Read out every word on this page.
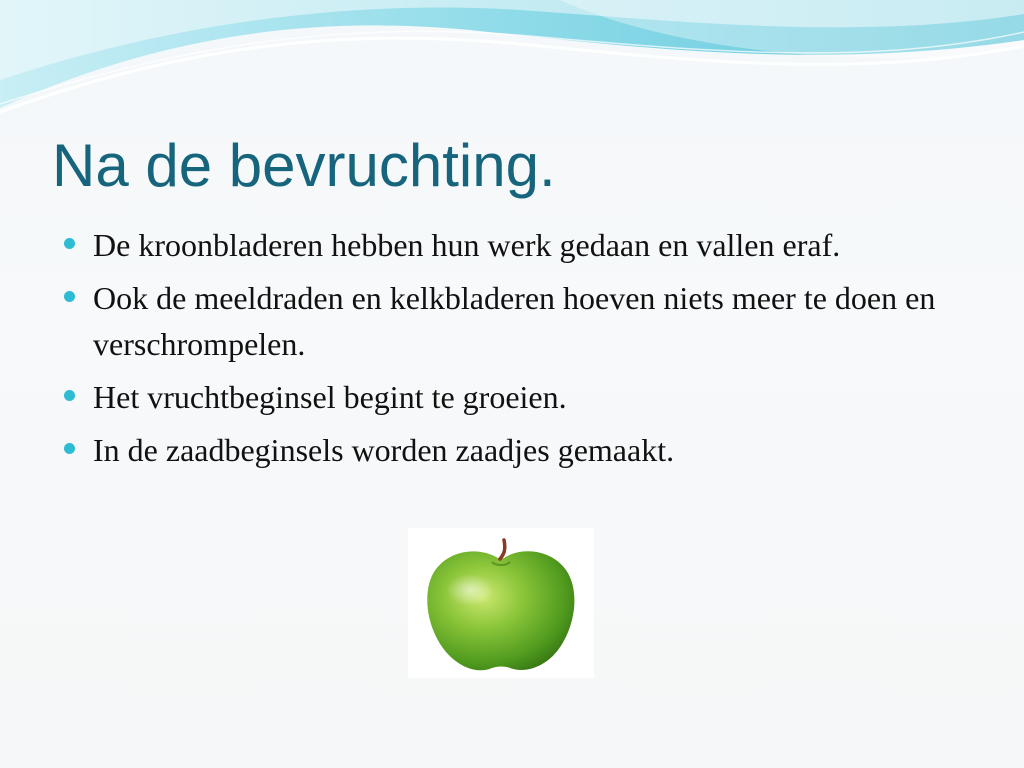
Na de bevruchting.
De kroonbladeren hebben hun werk gedaan en vallen eraf.
Ook de meeldraden en kelkbladeren hoeven niets meer te doen en verschrompelen.
Het vruchtbeginsel begint te groeien.
In de zaadbeginsels worden zaadjes gemaakt.
